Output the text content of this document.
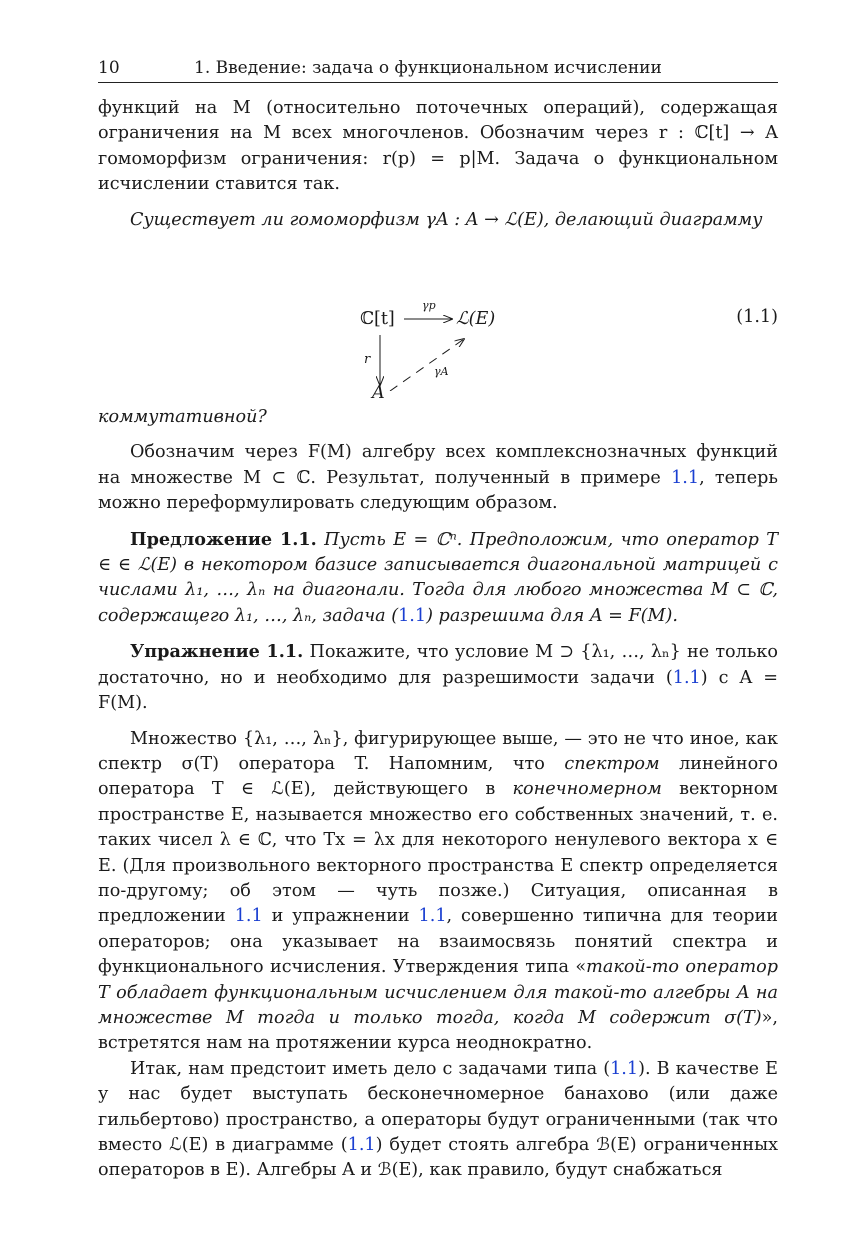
10	1. Введение: задача о функциональном исчислении

функций на M (относительно поточечных операций), содержащая ограничения на M всех многочленов. Обозначим через r : ℂ[t] → A гомоморфизм ограничения: r(p) = p|M. Задача о функциональном исчислении ставится так.

Существует ли гомоморфизм γA : A → ℒ(E), делающий диаграмму

ℂ[t]	ℒ(E)
A
γp
r
γA
(1.1)

коммутативной?

Обозначим через F(M) алгебру всех комплекснозначных функций на множестве M ⊂ ℂ. Результат, полученный в примере 1.1, теперь можно переформулировать следующим образом.

Предложение 1.1. Пусть E = ℂⁿ. Предположим, что оператор T ∈ ∈ ℒ(E) в некотором базисе записывается диагональной матрицей с числами λ₁, …, λₙ на диагонали. Тогда для любого множества M ⊂ ℂ, содержащего λ₁, …, λₙ, задача (1.1) разрешима для A = F(M).

Упражнение 1.1. Покажите, что условие M ⊃ {λ₁, …, λₙ} не только достаточно, но и необходимо для разрешимости задачи (1.1) с A = F(M).

Множество {λ₁, …, λₙ}, фигурирующее выше, — это не что иное, как спектр σ(T) оператора T. Напомним, что спектром линейного оператора T ∈ ℒ(E), действующего в конечномерном векторном пространстве E, называется множество его собственных значений, т. е. таких чисел λ ∈ ℂ, что Tx = λx для некоторого ненулевого вектора x ∈ E. (Для произвольного векторного пространства E спектр определяется по-другому; об этом — чуть позже.) Ситуация, описанная в предложении 1.1 и упражнении 1.1, совершенно типична для теории операторов; она указывает на взаимосвязь понятий спектра и функционального исчисления. Утверждения типа «такой-то оператор T обладает функциональным исчислением для такой-то алгебры A на множестве M тогда и только тогда, когда M содержит σ(T)», встретятся нам на протяжении курса неоднократно.

Итак, нам предстоит иметь дело с задачами типа (1.1). В качестве E у нас будет выступать бесконечномерное банахово (или даже гильбертово) пространство, а операторы будут ограниченными (так что вместо ℒ(E) в диаграмме (1.1) будет стоять алгебра ℬ(E) ограниченных операторов в E). Алгебры A и ℬ(E), как правило, будут снабжаться
